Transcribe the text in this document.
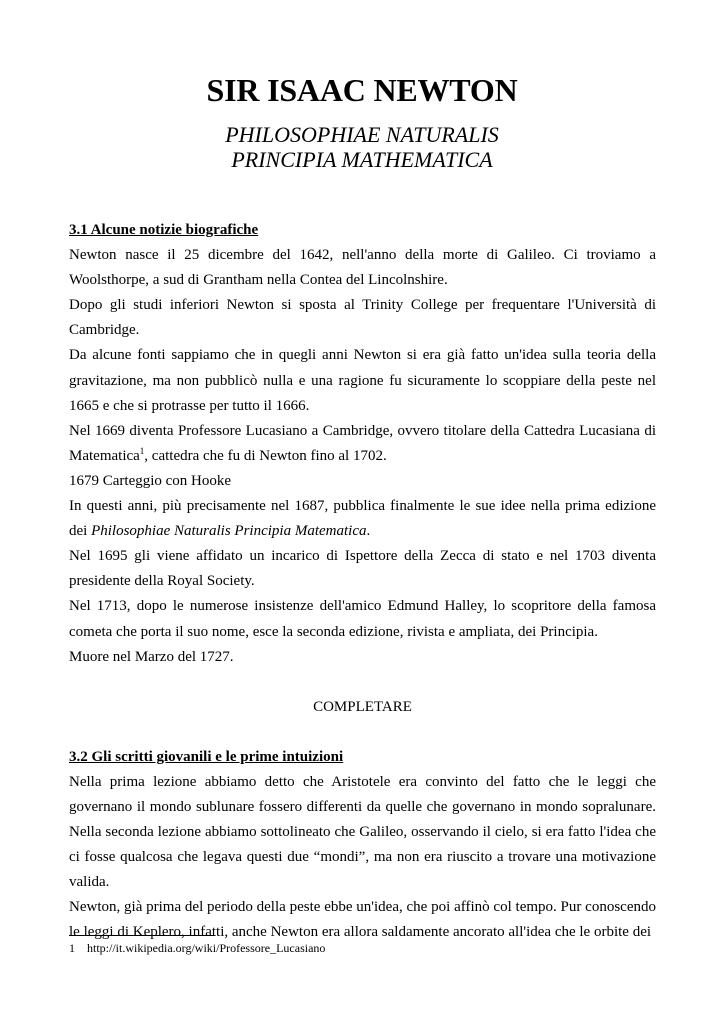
SIR ISAAC NEWTON
PHILOSOPHIAE NATURALIS
PRINCIPIA MATHEMATICA

3.1 Alcune notizie biografiche

Newton nasce il 25 dicembre del 1642, nell'anno della morte di Galileo. Ci troviamo a Woolsthorpe, a sud di Grantham nella Contea del Lincolnshire.

Dopo gli studi inferiori Newton si sposta al Trinity College per frequentare l'Università di Cambridge.

Da alcune fonti sappiamo che in quegli anni Newton si era già fatto un'idea sulla teoria della gravitazione, ma non pubblicò nulla e una ragione fu sicuramente lo scoppiare della peste nel 1665 e che si protrasse per tutto il 1666.

Nel 1669 diventa Professore Lucasiano a Cambridge, ovvero titolare della Cattedra Lucasiana di Matematica$^1$, cattedra che fu di Newton fino al 1702.

1679 Carteggio con Hooke

In questi anni, più precisamente nel 1687, pubblica finalmente le sue idee nella prima edizione dei Philosophiae Naturalis Principia Matematica.

Nel 1695 gli viene affidato un incarico di Ispettore della Zecca di stato e nel 1703 diventa presidente della Royal Society.

Nel 1713, dopo le numerose insistenze dell'amico Edmund Halley, lo scopritore della famosa cometa che porta il suo nome, esce la seconda edizione, rivista e ampliata, dei Principia.

Muore nel Marzo del 1727.

COMPLETARE

3.2 Gli scritti giovanili e le prime intuizioni

Nella prima lezione abbiamo detto che Aristotele era convinto del fatto che le leggi che governano il mondo sublunare fossero differenti da quelle che governano in mondo sopralunare. Nella seconda lezione abbiamo sottolineato che Galileo, osservando il cielo, si era fatto l'idea che ci fosse qualcosa che legava questi due “mondi”, ma non era riuscito a trovare una motivazione valida.

Newton, già prima del periodo della peste ebbe un'idea, che poi affinò col tempo. Pur conoscendo le leggi di Keplero, infatti, anche Newton era allora saldamente ancorato all'idea che le orbite dei

1 http://it.wikipedia.org/wiki/Professore_Lucasiano
